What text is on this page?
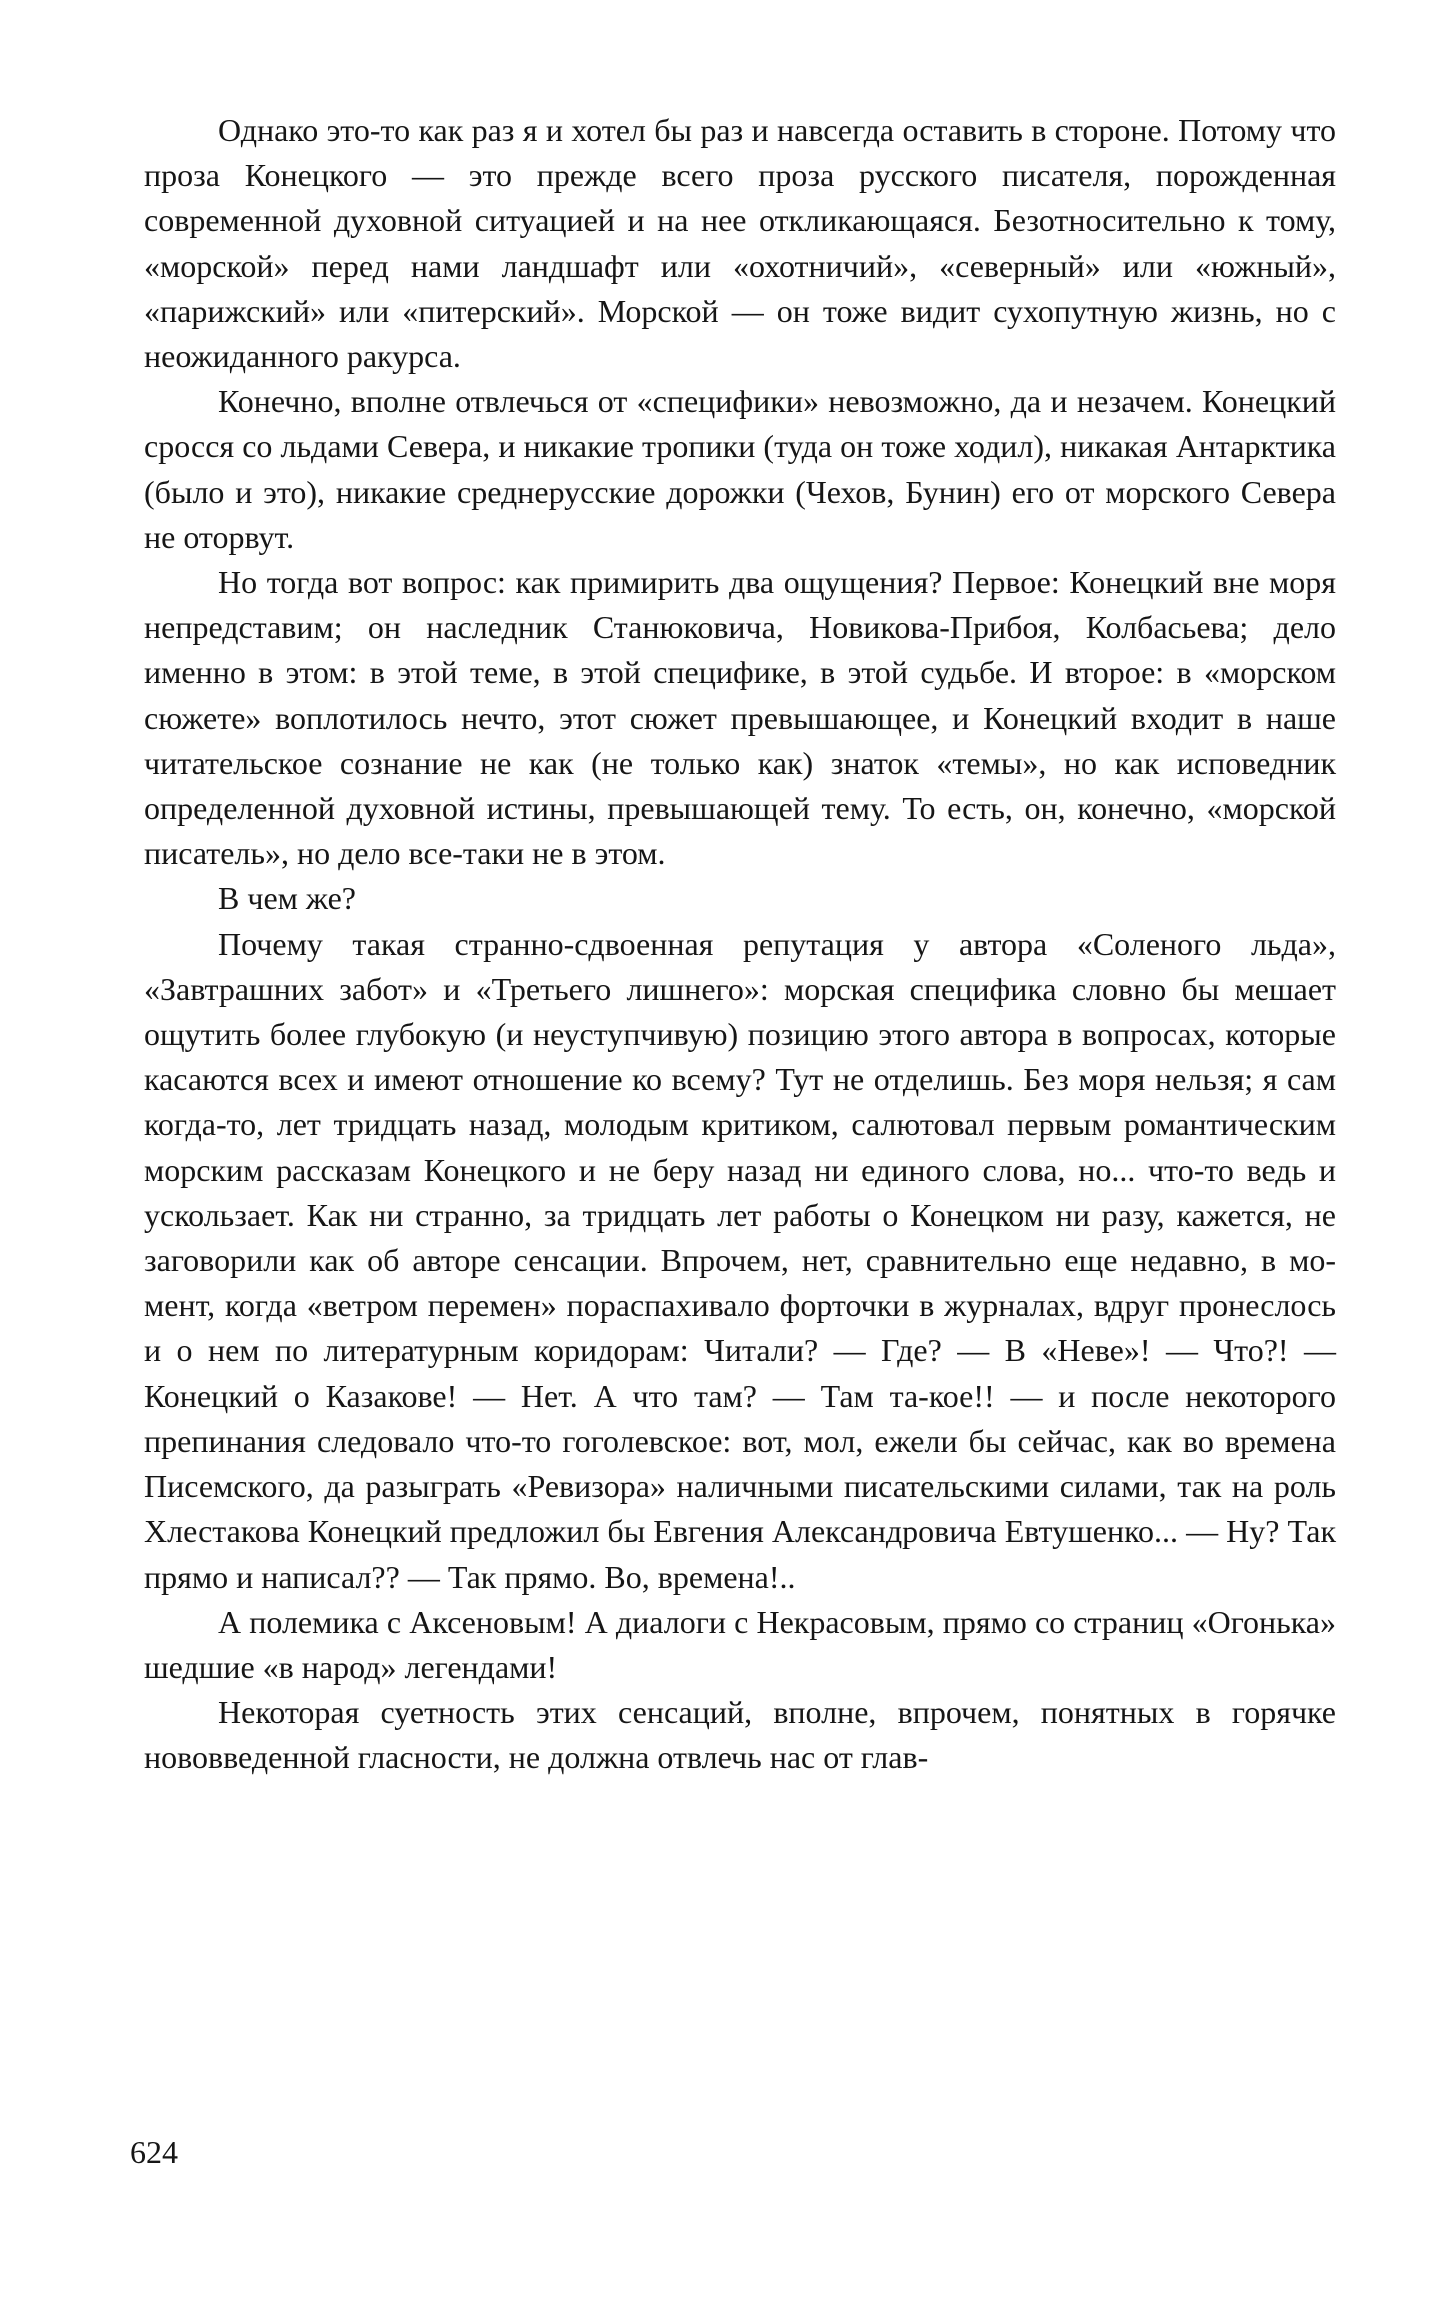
Однако это-то как раз я и хотел бы раз и навсегда оставить в стороне. Потому что проза Конецкого — это прежде всего проза русского писателя, порожденная современной духовной ситуацией и на нее откликающаяся. Безотносительно к тому, «морской» перед нами ландшафт или «охотничий», «северный» или «южный», «парижский» или «питерский». Морской — он тоже видит сухопутную жизнь, но с неожиданного ракурса.

Конечно, вполне отвлечься от «специфики» невозможно, да и незачем. Конецкий сросся со льдами Севера, и никакие тропики (туда он тоже ходил), никакая Антарктика (было и это), никакие среднерусские дорожки (Чехов, Бунин) его от морского Севера не оторвут.

Но тогда вот вопрос: как примирить два ощущения? Первое: Конецкий вне моря непредставим; он наследник Станюковича, Новикова-Прибоя, Колбасьева; дело именно в этом: в этой теме, в этой специфике, в этой судьбе. И второе: в «морском сюжете» воплотилось нечто, этот сюжет превышающее, и Конецкий входит в наше читательское сознание не как (не только как) знаток «темы», но как исповедник определенной духовной истины, превышающей тему. То есть, он, конечно, «морской писатель», но дело все-таки не в этом.

В чем же?

Почему такая странно-сдвоенная репутация у автора «Соленого льда», «Завтрашних забот» и «Третьего лишнего»: морская специфика словно бы мешает ощутить более глубокую (и неуступчивую) позицию этого автора в вопросах, которые касаются всех и имеют отношение ко всему? Тут не отделишь. Без моря нельзя; я сам когда-то, лет тридцать назад, молодым критиком, салютовал первым романтическим морским рассказам Конецкого и не беру назад ни единого слова, но... что-то ведь и ускользает. Как ни странно, за тридцать лет работы о Конецком ни разу, кажется, не заговорили как об авторе сенсации. Впрочем, нет, сравнительно еще недавно, в момент, когда «ветром перемен» пораспахивало форточки в журналах, вдруг пронеслось и о нем по литературным коридорам: Читали? — Где? — В «Неве»! — Что?! — Конецкий о Казакове! — Нет. А что там? — Там та-кое!! — и после некоторого препинания следовало что-то гоголевское: вот, мол, ежели бы сейчас, как во времена Писемского, да разыграть «Ревизора» наличными писательскими силами, так на роль Хлестакова Конецкий предложил бы Евгения Александровича Евтушенко... — Ну? Так прямо и написал?? — Так прямо. Во, времена!..

А полемика с Аксеновым! А диалоги с Некрасовым, прямо со страниц «Огонька» шедшие «в народ» легендами!

Некоторая суетность этих сенсаций, вполне, впрочем, понятных в горячке нововведенной гласности, не должна отвлечь нас от глав-

624
